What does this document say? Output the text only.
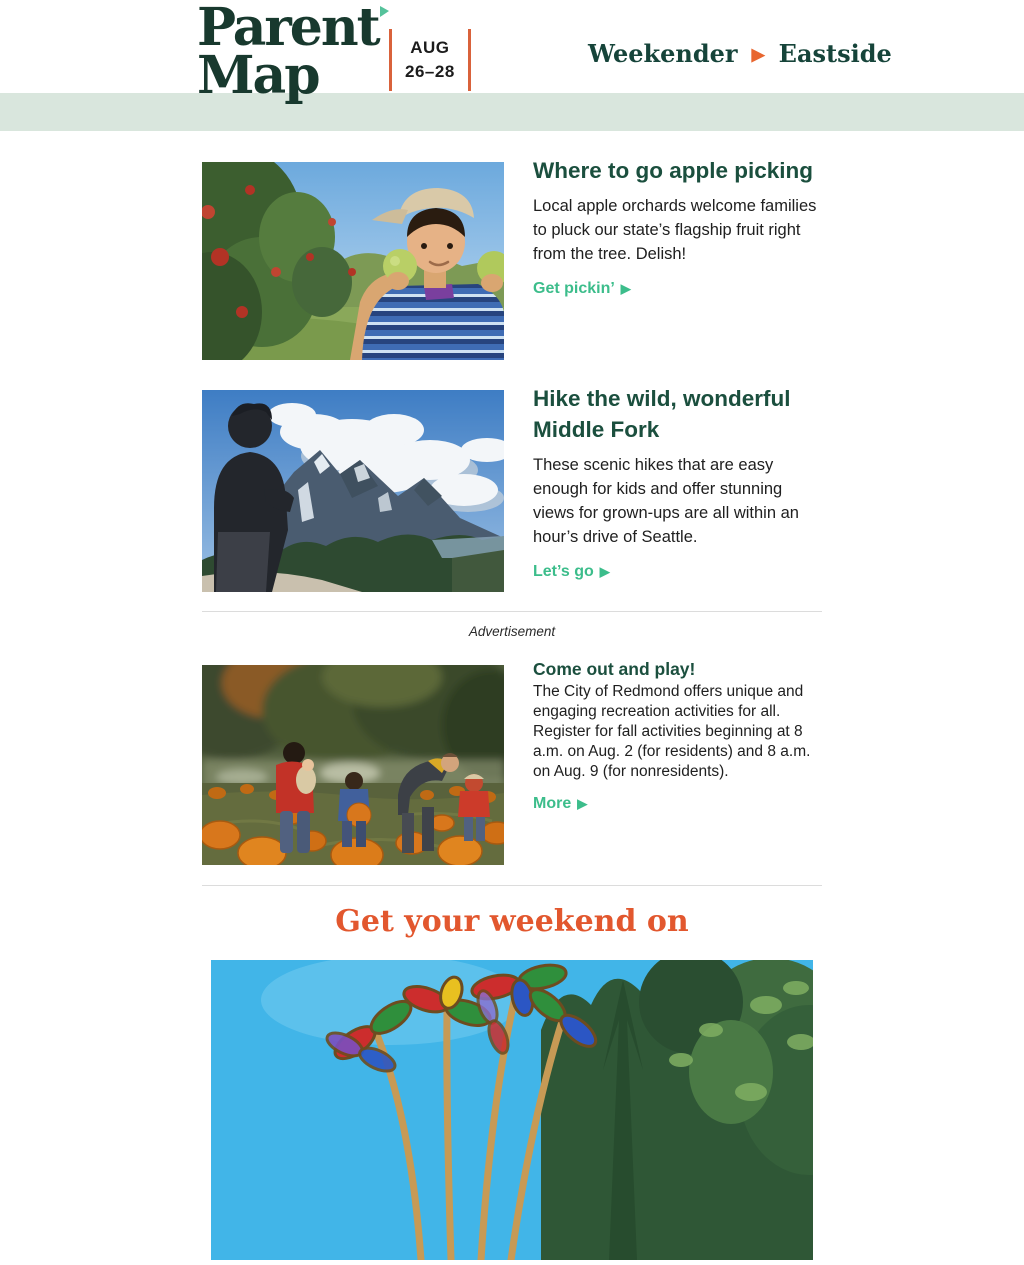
Parent
Map	AUG
26–28
Weekender ▶ Eastside
Where to go apple picking

Local apple orchards welcome families to pluck our state’s flagship fruit right from the tree. Delish!

Get pickin’ ▶
Hike the wild, wonderful Middle Fork

These scenic hikes that are easy enough for kids and offer stunning views for grown-ups are all within an hour’s drive of Seattle.

Let’s go ▶
Advertisement
Come out and play!

The City of Redmond offers unique and engaging recreation activities for all. Register for fall activities beginning at 8 a.m. on Aug. 2 (for residents) and 8 a.m. on Aug. 9 (for nonresidents).

More ▶
Get your weekend on
